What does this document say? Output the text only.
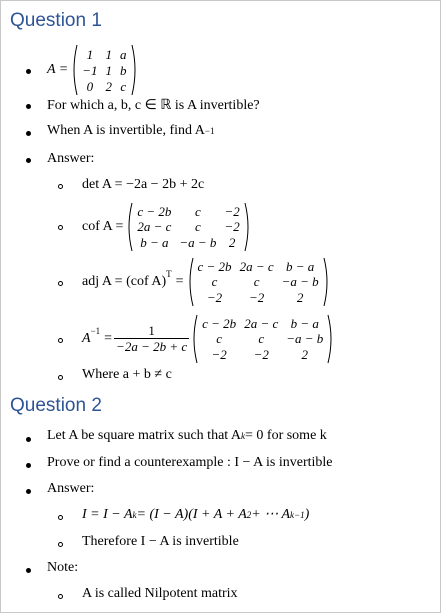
Question 1
A =
1	1	a
−1	1	b
0	2	c
For which a, b, c ∈ ℝ is A invertible?
When A is invertible, find A −1
Answer:
det A = −2a − 2b + 2c
cof A =
c − 2b	c	−2
2a − c	c	−2
b − a	−a − b	2
adj A = (cof A)$^T$ =
c − 2b	2a − c	b − a
c	c	−a − b
−2	−2	2
$A^{-1} = \frac{1}{-2a - 2b + c}$
c − 2b	2a − c	b − a
c	c	−a − b
−2	−2	2
Where a + b ≠ c
Question 2
Let A be square matrix such that A k = 0 for some k
Prove or find a counterexample : I − A is invertible
Answer:
I = I − A k = (I − A)(I + A + A 2 + ⋯ A k−1 )
Therefore I − A is invertible
Note:
A is called Nilpotent matrix
